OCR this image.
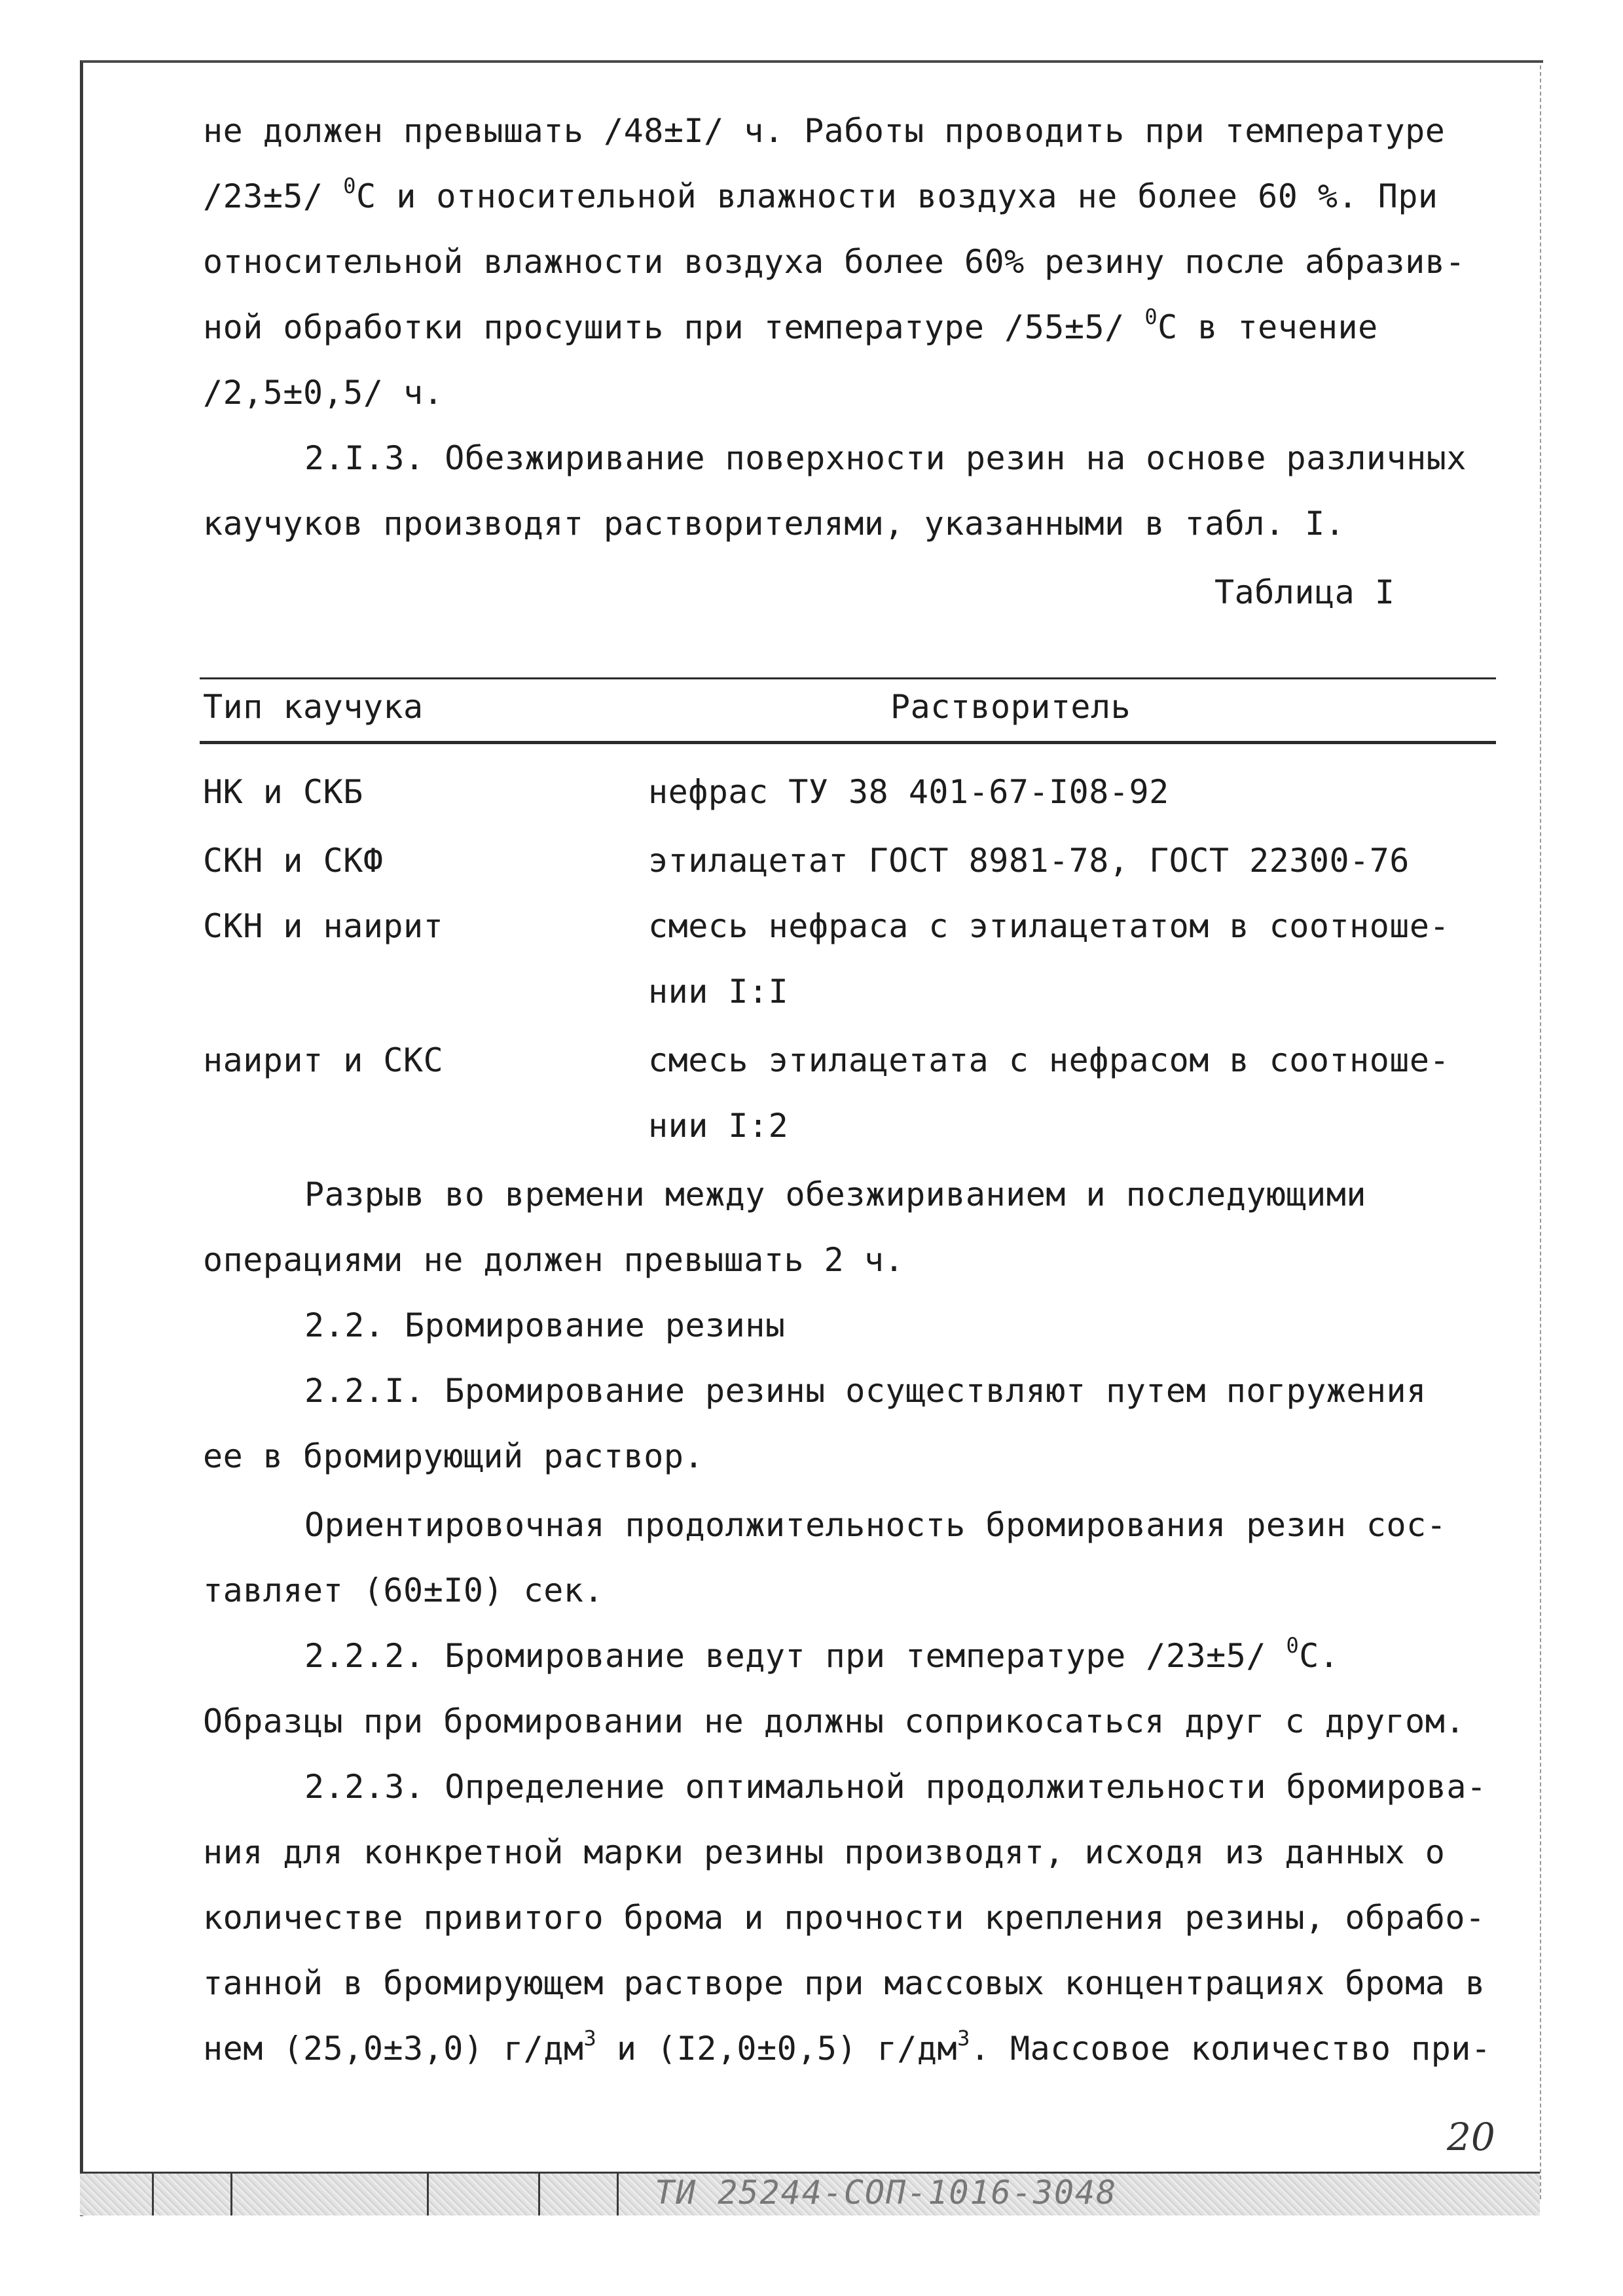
не должен превышать /48±I/ ч. Работы проводить при температуре
/23±5/ $^0$C и относительной влажности воздуха не более 60 %. При
относительной влажности воздуха более 60% резину после абразив-
ной обработки просушить при температуре /55±5/ $^0$C в течение
/2,5±0,5/ ч.
2.I.3. Обезжиривание поверхности резин на основе различных
каучуков производят растворителями, указанными в табл. I.
Таблица I
Тип каучука	Растворитель
НК и СКБ	нефрас ТУ 38 401-67-I08-92
СКН и СКФ	этилацетат ГОСТ 8981-78, ГОСТ 22300-76
СКН и наирит	смесь нефраса с этилацетатом в соотноше-
нии I:I
наирит и СКС	смесь этилацетата с нефрасом в соотноше-
нии I:2
Разрыв во времени между обезжириванием и последующими
операциями не должен превышать 2 ч.
2.2. Бромирование резины
2.2.I. Бромирование резины осуществляют путем погружения
ее в бромирующий раствор.
Ориентировочная продолжительность бромирования резин сос-
тавляет (60±I0) сек.
2.2.2. Бромирование ведут при температуре /23±5/ $^0$C.
Образцы при бромировании не должны соприкосаться друг с другом.
2.2.3. Определение оптимальной продолжительности бромирова-
ния для конкретной марки резины производят, исходя из данных о
количестве привитого брома и прочности крепления резины, обрабо-
танной в бромирующем растворе при массовых концентрациях брома в
нем (25,0±3,0) $г/дм^3$ и (I2,0±0,5) $г/дм^3$. Массовое количество при-
20
ТИ 25244-СОП-1016-3048
